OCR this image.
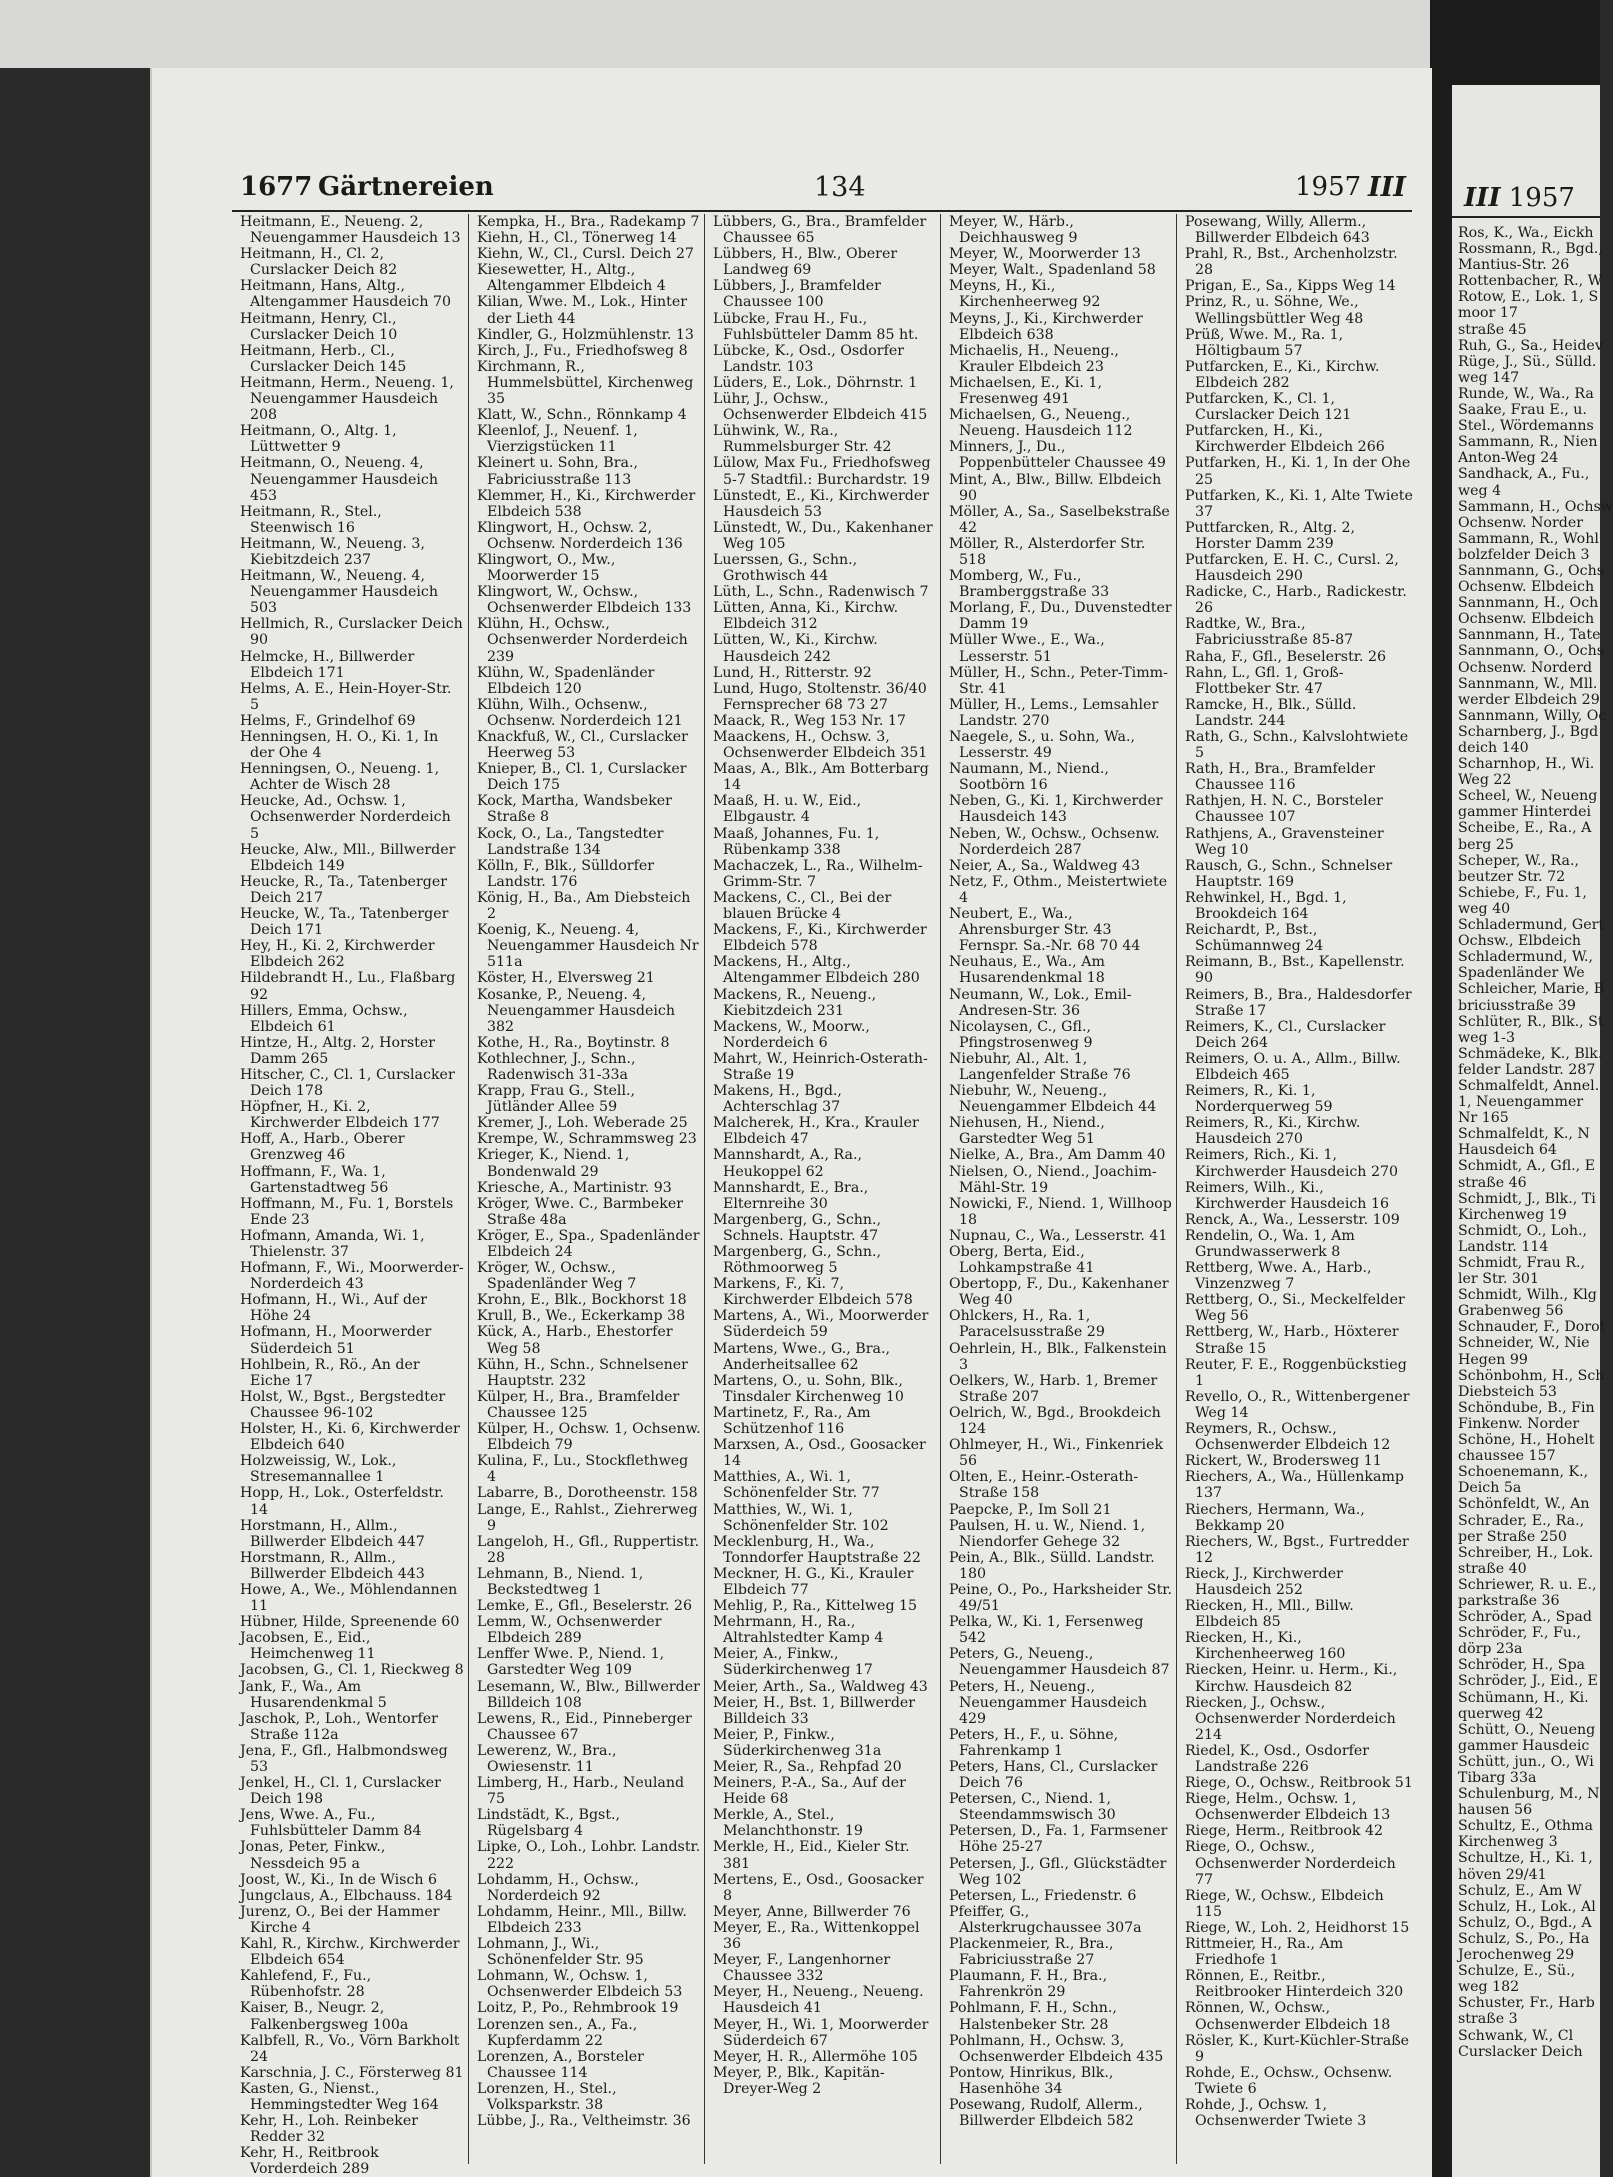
1677 Gärtnereien	134	1957 III
Heitmann, E., Neueng. 2, Neuengammer Hausdeich 13
Heitmann, H., Cl. 2, Curslacker Deich 82
Heitmann, Hans, Altg., Altengammer Hausdeich 70
Heitmann, Henry, Cl., Curslacker Deich 10
Heitmann, Herb., Cl., Curslacker Deich 145
Heitmann, Herm., Neueng. 1, Neuengammer Hausdeich 208
Heitmann, O., Altg. 1, Lüttwetter 9
Heitmann, O., Neueng. 4, Neuengammer Hausdeich 453
Heitmann, R., Stel., Steenwisch 16
Heitmann, W., Neueng. 3, Kiebitzdeich 237
Heitmann, W., Neueng. 4, Neuengammer Hausdeich 503
Hellmich, R., Curslacker Deich 90
Helmcke, H., Billwerder Elbdeich 171
Helms, A. E., Hein-Hoyer-Str. 5
Helms, F., Grindelhof 69
Henningsen, H. O., Ki. 1, In der Ohe 4
Henningsen, O., Neueng. 1, Achter de Wisch 28
Heucke, Ad., Ochsw. 1, Ochsenwerder Norderdeich 5
Heucke, Alw., Mll., Billwerder Elbdeich 149
Heucke, R., Ta., Tatenberger Deich 217
Heucke, W., Ta., Tatenberger Deich 171
Hey, H., Ki. 2, Kirchwerder Elbdeich 262
Hildebrandt H., Lu., Flaßbarg 92
Hillers, Emma, Ochsw., Elbdeich 61
Hintze, H., Altg. 2, Horster Damm 265
Hitscher, C., Cl. 1, Curslacker Deich 178
Höpfner, H., Ki. 2, Kirchwerder Elbdeich 177
Hoff, A., Harb., Oberer Grenzweg 46
Hoffmann, F., Wa. 1, Gartenstadtweg 56
Hoffmann, M., Fu. 1, Borstels Ende 23
Hofmann, Amanda, Wi. 1, Thielenstr. 37
Hofmann, F., Wi., Moorwerder-Norderdeich 43
Hofmann, H., Wi., Auf der Höhe 24
Hofmann, H., Moorwerder Süderdeich 51
Hohlbein, R., Rö., An der Eiche 17
Holst, W., Bgst., Bergstedter Chaussee 96-102
Holster, H., Ki. 6, Kirchwerder Elbdeich 640
Holzweissig, W., Lok., Stresemannallee 1
Hopp, H., Lok., Osterfeldstr. 14
Horstmann, H., Allm., Billwerder Elbdeich 447
Horstmann, R., Allm., Billwerder Elbdeich 443
Howe, A., We., Möhlendannen 11
Hübner, Hilde, Spreenende 60
Jacobsen, E., Eid., Heimchenweg 11
Jacobsen, G., Cl. 1, Rieckweg 8
Jank, F., Wa., Am Husarendenkmal 5
Jaschok, P., Loh., Wentorfer Straße 112a
Jena, F., Gfl., Halbmondsweg 53
Jenkel, H., Cl. 1, Curslacker Deich 198
Jens, Wwe. A., Fu., Fuhlsbütteler Damm 84
Jonas, Peter, Finkw., Nessdeich 95 a
Joost, W., Ki., In de Wisch 6
Jungclaus, A., Elbchauss. 184
Jurenz, O., Bei der Hammer Kirche 4
Kahl, R., Kirchw., Kirchwerder Elbdeich 654
Kahlefend, F., Fu., Rübenhofstr. 28
Kaiser, B., Neugr. 2, Falkenbergsweg 100a
Kalbfell, R., Vo., Vörn Barkholt 24
Karschnia, J. C., Försterweg 81
Kasten, G., Nienst., Hemmingstedter Weg 164
Kehr, H., Loh. Reinbeker Redder 32
Kehr, H., Reitbrook Vorderdeich 289
Kempka, H., Bra., Radekamp 7
Kiehn, H., Cl., Tönerweg 14
Kiehn, W., Cl., Cursl. Deich 27
Kiesewetter, H., Altg., Altengammer Elbdeich 4
Kilian, Wwe. M., Lok., Hinter der Lieth 44
Kindler, G., Holzmühlenstr. 13
Kirch, J., Fu., Friedhofsweg 8
Kirchmann, R., Hummelsbüttel, Kirchenweg 35
Klatt, W., Schn., Rönnkamp 4
Kleenlof, J., Neuenf. 1, Vierzigstücken 11
Kleinert u. Sohn, Bra., Fabriciusstraße 113
Klemmer, H., Ki., Kirchwerder Elbdeich 538
Klingwort, H., Ochsw. 2, Ochsenw. Norderdeich 136
Klingwort, O., Mw., Moorwerder 15
Klingwort, W., Ochsw., Ochsenwerder Elbdeich 133
Klühn, H., Ochsw., Ochsenwerder Norderdeich 239
Klühn, W., Spadenländer Elbdeich 120
Klühn, Wilh., Ochsenw., Ochsenw. Norderdeich 121
Knackfuß, W., Cl., Curslacker Heerweg 53
Knieper, B., Cl. 1, Curslacker Deich 175
Kock, Martha, Wandsbeker Straße 8
Kock, O., La., Tangstedter Landstraße 134
Kölln, F., Blk., Sülldorfer Landstr. 176
König, H., Ba., Am Diebsteich 2
Koenig, K., Neueng. 4, Neuengammer Hausdeich Nr 511a
Köster, H., Elversweg 21
Kosanke, P., Neueng. 4, Neuengammer Hausdeich 382
Kothe, H., Ra., Boytinstr. 8
Kothlechner, J., Schn., Radenwisch 31-33a
Krapp, Frau G., Stell., Jütländer Allee 59
Kremer, J., Loh. Weberade 25
Krempe, W., Schrammsweg 23
Krieger, K., Niend. 1, Bondenwald 29
Kriesche, A., Martinistr. 93
Kröger, Wwe. C., Barmbeker Straße 48a
Kröger, E., Spa., Spadenländer Elbdeich 24
Kröger, W., Ochsw., Spadenländer Weg 7
Krohn, E., Blk., Bockhorst 18
Krull, B., We., Eckerkamp 38
Kück, A., Harb., Ehestorfer Weg 58
Kühn, H., Schn., Schnelsener Hauptstr. 232
Külper, H., Bra., Bramfelder Chaussee 125
Külper, H., Ochsw. 1, Ochsenw. Elbdeich 79
Kulina, F., Lu., Stockflethweg 4
Labarre, B., Dorotheenstr. 158
Lange, E., Rahlst., Ziehrerweg 9
Langeloh, H., Gfl., Ruppertistr. 28
Lehmann, B., Niend. 1, Beckstedtweg 1
Lemke, E., Gfl., Beselerstr. 26
Lemm, W., Ochsenwerder Elbdeich 289
Lenffer Wwe. P., Niend. 1, Garstedter Weg 109
Lesemann, W., Blw., Billwerder Billdeich 108
Lewens, R., Eid., Pinneberger Chaussee 67
Lewerenz, W., Bra., Owiesenstr. 11
Limberg, H., Harb., Neuland 75
Lindstädt, K., Bgst., Rügelsbarg 4
Lipke, O., Loh., Lohbr. Landstr. 222
Lohdamm, H., Ochsw., Norderdeich 92
Lohdamm, Heinr., Mll., Billw. Elbdeich 233
Lohmann, J., Wi., Schönenfelder Str. 95
Lohmann, W., Ochsw. 1, Ochsenwerder Elbdeich 53
Loitz, P., Po., Rehmbrook 19
Lorenzen sen., A., Fa., Kupferdamm 22
Lorenzen, A., Borsteler Chaussee 114
Lorenzen, H., Stel., Volksparkstr. 38
Lübbe, J., Ra., Veltheimstr. 36
Lübbers, G., Bra., Bramfelder Chaussee 65
Lübbers, H., Blw., Oberer Landweg 69
Lübbers, J., Bramfelder Chaussee 100
Lübcke, Frau H., Fu., Fuhlsbütteler Damm 85 ht.
Lübcke, K., Osd., Osdorfer Landstr. 103
Lüders, E., Lok., Döhrnstr. 1
Lühr, J., Ochsw., Ochsenwerder Elbdeich 415
Lühwink, W., Ra., Rummelsburger Str. 42
Lülow, Max Fu., Friedhofsweg 5-7 Stadtfil.: Burchardstr. 19
Lünstedt, E., Ki., Kirchwerder Hausdeich 53
Lünstedt, W., Du., Kakenhaner Weg 105
Luerssen, G., Schn., Grothwisch 44
Lüth, L., Schn., Radenwisch 7
Lütten, Anna, Ki., Kirchw. Elbdeich 312
Lütten, W., Ki., Kirchw. Hausdeich 242
Lund, H., Ritterstr. 92
Lund, Hugo, Stoltenstr. 36/40 Fernsprecher 68 73 27
Maack, R., Weg 153 Nr. 17
Maackens, H., Ochsw. 3, Ochsenwerder Elbdeich 351
Maas, A., Blk., Am Botterbarg 14
Maaß, H. u. W., Eid., Elbgaustr. 4
Maaß, Johannes, Fu. 1, Rübenkamp 338
Machaczek, L., Ra., Wilhelm-Grimm-Str. 7
Mackens, C., Cl., Bei der blauen Brücke 4
Mackens, F., Ki., Kirchwerder Elbdeich 578
Mackens, H., Altg., Altengammer Elbdeich 280
Mackens, R., Neueng., Kiebitzdeich 231
Mackens, W., Moorw., Norderdeich 6
Mahrt, W., Heinrich-Osterath-Straße 19
Makens, H., Bgd., Achterschlag 37
Malcherek, H., Kra., Krauler Elbdeich 47
Mannshardt, A., Ra., Heukoppel 62
Mannshardt, E., Bra., Elternreihe 30
Margenberg, G., Schn., Schnels. Hauptstr. 47
Margenberg, G., Schn., Röthmoorweg 5
Markens, F., Ki. 7, Kirchwerder Elbdeich 578
Martens, A., Wi., Moorwerder Süderdeich 59
Martens, Wwe., G., Bra., Anderheitsallee 62
Martens, O., u. Sohn, Blk., Tinsdaler Kirchenweg 10
Martinetz, F., Ra., Am Schützenhof 116
Marxsen, A., Osd., Goosacker 14
Matthies, A., Wi. 1, Schönenfelder Str. 77
Matthies, W., Wi. 1, Schönenfelder Str. 102
Mecklenburg, H., Wa., Tonndorfer Hauptstraße 22
Meckner, H. G., Ki., Krauler Elbdeich 77
Mehlig, P., Ra., Kittelweg 15
Mehrmann, H., Ra., Altrahlstedter Kamp 4
Meier, A., Finkw., Süderkirchenweg 17
Meier, Arth., Sa., Waldweg 43
Meier, H., Bst. 1, Billwerder Billdeich 33
Meier, P., Finkw., Süderkirchenweg 31a
Meier, R., Sa., Rehpfad 20
Meiners, P.-A., Sa., Auf der Heide 68
Merkle, A., Stel., Melanchthonstr. 19
Merkle, H., Eid., Kieler Str. 381
Mertens, E., Osd., Goosacker 8
Meyer, Anne, Billwerder 76
Meyer, E., Ra., Wittenkoppel 36
Meyer, F., Langenhorner Chaussee 332
Meyer, H., Neueng., Neueng. Hausdeich 41
Meyer, H., Wi. 1, Moorwerder Süderdeich 67
Meyer, H. R., Allermöhe 105
Meyer, P., Blk., Kapitän-Dreyer-Weg 2
Meyer, W., Härb., Deichhausweg 9
Meyer, W., Moorwerder 13
Meyer, Walt., Spadenland 58
Meyns, H., Ki., Kirchenheerweg 92
Meyns, J., Ki., Kirchwerder Elbdeich 638
Michaelis, H., Neueng., Krauler Elbdeich 23
Michaelsen, E., Ki. 1, Fresenweg 491
Michaelsen, G., Neueng., Neueng. Hausdeich 112
Minners, J., Du., Poppenbütteler Chaussee 49
Mint, A., Blw., Billw. Elbdeich 90
Möller, A., Sa., Saselbekstraße 42
Möller, R., Alsterdorfer Str. 518
Momberg, W., Fu., Bramberggstraße 33
Morlang, F., Du., Duvenstedter Damm 19
Müller Wwe., E., Wa., Lesserstr. 51
Müller, H., Schn., Peter-Timm-Str. 41
Müller, H., Lems., Lemsahler Landstr. 270
Naegele, S., u. Sohn, Wa., Lesserstr. 49
Naumann, M., Niend., Sootbörn 16
Neben, G., Ki. 1, Kirchwerder Hausdeich 143
Neben, W., Ochsw., Ochsenw. Norderdeich 287
Neier, A., Sa., Waldweg 43
Netz, F., Othm., Meistertwiete 4
Neubert, E., Wa., Ahrensburger Str. 43 Fernspr. Sa.-Nr. 68 70 44
Neuhaus, E., Wa., Am Husarendenkmal 18
Neumann, W., Lok., Emil-Andresen-Str. 36
Nicolaysen, C., Gfl., Pfingstrosenweg 9
Niebuhr, Al., Alt. 1, Langenfelder Straße 76
Niebuhr, W., Neueng., Neuengammer Elbdeich 44
Niehusen, H., Niend., Garstedter Weg 51
Nielke, A., Bra., Am Damm 40
Nielsen, O., Niend., Joachim-Mähl-Str. 19
Nowicki, F., Niend. 1, Willhoop 18
Nupnau, C., Wa., Lesserstr. 41
Oberg, Berta, Eid., Lohkampstraße 41
Obertopp, F., Du., Kakenhaner Weg 40
Ohlckers, H., Ra. 1, Paracelsusstraße 29
Oehrlein, H., Blk., Falkenstein 3
Oelkers, W., Harb. 1, Bremer Straße 207
Oelrich, W., Bgd., Brookdeich 124
Ohlmeyer, H., Wi., Finkenriek 56
Olten, E., Heinr.-Osterath-Straße 158
Paepcke, P., Im Soll 21
Paulsen, H. u. W., Niend. 1, Niendorfer Gehege 32
Pein, A., Blk., Sülld. Landstr. 180
Peine, O., Po., Harksheider Str. 49/51
Pelka, W., Ki. 1, Fersenweg 542
Peters, G., Neueng., Neuengammer Hausdeich 87
Peters, H., Neueng., Neuengammer Hausdeich 429
Peters, H., F., u. Söhne, Fahrenkamp 1
Peters, Hans, Cl., Curslacker Deich 76
Petersen, C., Niend. 1, Steendammswisch 30
Petersen, D., Fa. 1, Farmsener Höhe 25-27
Petersen, J., Gfl., Glückstädter Weg 102
Petersen, L., Friedenstr. 6
Pfeiffer, G., Alsterkrugchaussee 307a
Plackenmeier, R., Bra., Fabriciusstraße 27
Plaumann, F. H., Bra., Fahrenkrön 29
Pohlmann, F. H., Schn., Halstenbeker Str. 28
Pohlmann, H., Ochsw. 3, Ochsenwerder Elbdeich 435
Pontow, Hinrikus, Blk., Hasenhöhe 34
Posewang, Rudolf, Allerm., Billwerder Elbdeich 582
Posewang, Willy, Allerm., Billwerder Elbdeich 643
Prahl, R., Bst., Archenholzstr. 28
Prigan, E., Sa., Kipps Weg 14
Prinz, R., u. Söhne, We., Wellingsbüttler Weg 48
Prüß, Wwe. M., Ra. 1, Höltigbaum 57
Putfarcken, E., Ki., Kirchw. Elbdeich 282
Putfarcken, K., Cl. 1, Curslacker Deich 121
Putfarcken, H., Ki., Kirchwerder Elbdeich 266
Putfarken, H., Ki. 1, In der Ohe 25
Putfarken, K., Ki. 1, Alte Twiete 37
Puttfarcken, R., Altg. 2, Horster Damm 239
Putfarcken, E. H. C., Cursl. 2, Hausdeich 290
Radicke, C., Harb., Radickestr. 26
Radtke, W., Bra., Fabriciusstraße 85-87
Raha, F., Gfl., Beselerstr. 26
Rahn, L., Gfl. 1, Groß-Flottbeker Str. 47
Ramcke, H., Blk., Sülld. Landstr. 244
Rath, G., Schn., Kalvslohtwiete 5
Rath, H., Bra., Bramfelder Chaussee 116
Rathjen, H. N. C., Borsteler Chaussee 107
Rathjens, A., Gravensteiner Weg 10
Rausch, G., Schn., Schnelser Hauptstr. 169
Rehwinkel, H., Bgd. 1, Brookdeich 164
Reichardt, P., Bst., Schümannweg 24
Reimann, B., Bst., Kapellenstr. 90
Reimers, B., Bra., Haldesdorfer Straße 17
Reimers, K., Cl., Curslacker Deich 264
Reimers, O. u. A., Allm., Billw. Elbdeich 465
Reimers, R., Ki. 1, Norderquerweg 59
Reimers, R., Ki., Kirchw. Hausdeich 270
Reimers, Rich., Ki. 1, Kirchwerder Hausdeich 270
Reimers, Wilh., Ki., Kirchwerder Hausdeich 16
Renck, A., Wa., Lesserstr. 109
Rendelin, O., Wa. 1, Am Grundwasserwerk 8
Rettberg, Wwe. A., Harb., Vinzenzweg 7
Rettberg, O., Si., Meckelfelder Weg 56
Rettberg, W., Harb., Höxterer Straße 15
Reuter, F. E., Roggenbückstieg 1
Revello, O., R., Wittenbergener Weg 14
Reymers, R., Ochsw., Ochsenwerder Elbdeich 12
Rickert, W., Brodersweg 11
Riechers, A., Wa., Hüllenkamp 137
Riechers, Hermann, Wa., Bekkamp 20
Riechers, W., Bgst., Furtredder 12
Rieck, J., Kirchwerder Hausdeich 252
Riecken, H., Mll., Billw. Elbdeich 85
Riecken, H., Ki., Kirchenheerweg 160
Riecken, Heinr. u. Herm., Ki., Kirchw. Hausdeich 82
Riecken, J., Ochsw., Ochsenwerder Norderdeich 214
Riedel, K., Osd., Osdorfer Landstraße 226
Riege, O., Ochsw., Reitbrook 51
Riege, Helm., Ochsw. 1, Ochsenwerder Elbdeich 13
Riege, Herm., Reitbrook 42
Riege, O., Ochsw., Ochsenwerder Norderdeich 77
Riege, W., Ochsw., Elbdeich 115
Riege, W., Loh. 2, Heidhorst 15
Rittmeier, H., Ra., Am Friedhofe 1
Rönnen, E., Reitbr., Reitbrooker Hinterdeich 320
Rönnen, W., Ochsw., Ochsenwerder Elbdeich 18
Rösler, K., Kurt-Küchler-Straße 9
Rohde, E., Ochsw., Ochsenw. Twiete 6
Rohde, J., Ochsw. 1, Ochsenwerder Twiete 3
III 1957
Ros, K., Wa., Eickh
Rossmann, R., Bgd.,
Mantius-Str. 26
Rottenbacher, R., W
Rotow, E., Lok. 1, S
moor 17
straße 45
Ruh, G., Sa., Heidev
Rüge, J., Sü., Sülld.
weg 147
Runde, W., Wa., Ra
Saake, Frau E., u.
Stel., Wördemanns
Sammann, R., Nien
Anton-Weg 24
Sandhack, A., Fu.,
weg 4
Sammann, H., Ochsw
Ochsenw. Norder
Sammann, R., Wohl
bolzfelder Deich 3
Sannmann, G., Ochs
Ochsenw. Elbdeich
Sannmann, H., Och
Ochsenw. Elbdeich
Sannmann, H., Tate
Sannmann, O., Ochs
Ochsenw. Norderd
Sannmann, W., Mll.
werder Elbdeich 29
Sannmann, Willy, Oc
Scharnberg, J., Bgd
deich 140
Scharnhop, H., Wi.
Weg 22
Scheel, W., Neueng
gammer Hinterdei
Scheibe, E., Ra., A
berg 25
Scheper, W., Ra.,
beutzer Str. 72
Schiebe, F., Fu. 1,
weg 40
Schladermund, Gert
Ochsw., Elbdeich
Schladermund, W.,
Spadenländer We
Schleicher, Marie, B
briciusstraße 39
Schlüter, R., Blk., St
weg 1-3
Schmädeke, K., Blk.
felder Landstr. 287
Schmalfeldt, Annel.
1, Neuengammer
Nr 165
Schmalfeldt, K., N
Hausdeich 64
Schmidt, A., Gfl., E
straße 46
Schmidt, J., Blk., Ti
Kirchenweg 19
Schmidt, O., Loh.,
Landstr. 114
Schmidt, Frau R.,
ler Str. 301
Schmidt, Wilh., Klg
Grabenweg 56
Schnauder, F., Dorot
Schneider, W., Nie
Hegen 99
Schönbohm, H., Sch
Diebsteich 53
Schöndube, B., Fin
Finkenw. Norder
Schöne, H., Hohelt
chaussee 157
Schoenemann, K.,
Deich 5a
Schönfeldt, W., An
Schrader, E., Ra.,
per Straße 250
Schreiber, H., Lok.
straße 40
Schriewer, R. u. E.,
parkstraße 36
Schröder, A., Spad
Schröder, F., Fu.,
dörp 23a
Schröder, H., Spa
Schröder, J., Eid., E
Schümann, H., Ki.
querweg 42
Schütt, O., Neueng
gammer Hausdeic
Schütt, jun., O., Wi
Tibarg 33a
Schulenburg, M., N
hausen 56
Schultz, E., Othma
Kirchenweg 3
Schultze, H., Ki. 1,
höven 29/41
Schulz, E., Am W
Schulz, H., Lok., Al
Schulz, O., Bgd., A
Schulz, S., Po., Ha
Jerochenweg 29
Schulze, E., Sü.,
weg 182
Schuster, Fr., Harb
straße 3
Schwank, W., Cl
Curslacker Deich
